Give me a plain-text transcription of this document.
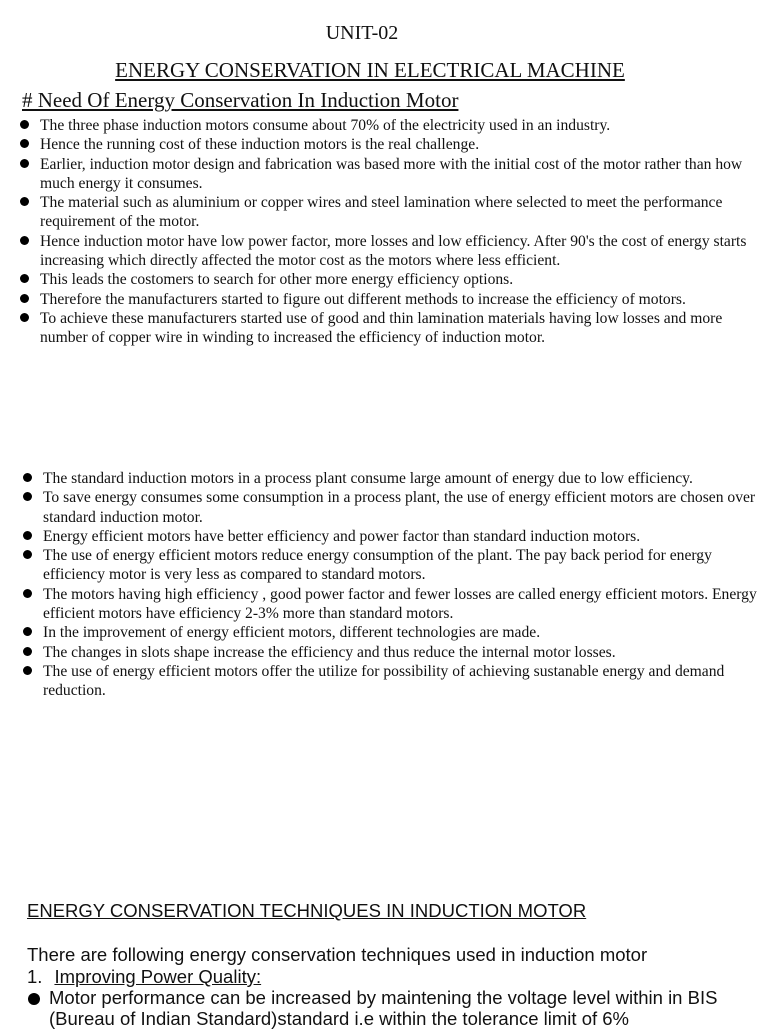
UNIT-02
ENERGY CONSERVATION IN ELECTRICAL MACHINE
# Need Of Energy Conservation In Induction Motor
The three phase induction motors consume about 70% of the electricity used in an industry.
Hence the running cost of these induction motors is the real challenge.
Earlier, induction motor design and fabrication was based more with the initial cost of the motor rather than how much energy it consumes.
The material such as aluminium or copper wires and steel lamination where selected to meet the performance requirement of the motor.
Hence induction motor have low power factor, more losses and low efficiency. After 90's the cost of energy starts increasing which directly affected the motor cost as the motors where less efficient.
This leads the costomers to search for other more energy efficiency options.
Therefore the manufacturers started to figure out different methods to increase the efficiency of motors.
To achieve these manufacturers started use of good and thin lamination materials having low losses and more number of copper wire in winding to increased the efficiency of induction motor.
The standard induction motors in a process plant consume large amount of energy due to low efficiency.
To save energy consumes some consumption in a process plant, the use of energy efficient motors are chosen over standard induction motor.
Energy efficient motors have better efficiency and power factor than standard induction motors.
The use of energy efficient motors reduce energy consumption of the plant. The pay back period for energy efficiency motor is very less as compared to standard motors.
The motors having high efficiency , good power factor and fewer losses are called energy efficient motors. Energy efficient motors have efficiency 2-3% more than standard motors.
In the improvement of energy efficient motors, different technologies are made.
The changes in slots shape increase the efficiency and thus reduce the internal motor losses.
The use of energy efficient motors offer the utilize for possibility of achieving sustanable energy and demand reduction.
ENERGY CONSERVATION TECHNIQUES IN INDUCTION MOTOR
There are following energy conservation techniques used in induction motor
1. Improving Power Quality:
Motor performance can be increased by maintening the voltage level within in BIS (Bureau of Indian Standard)standard i.e within the tolerance limit of 6%
